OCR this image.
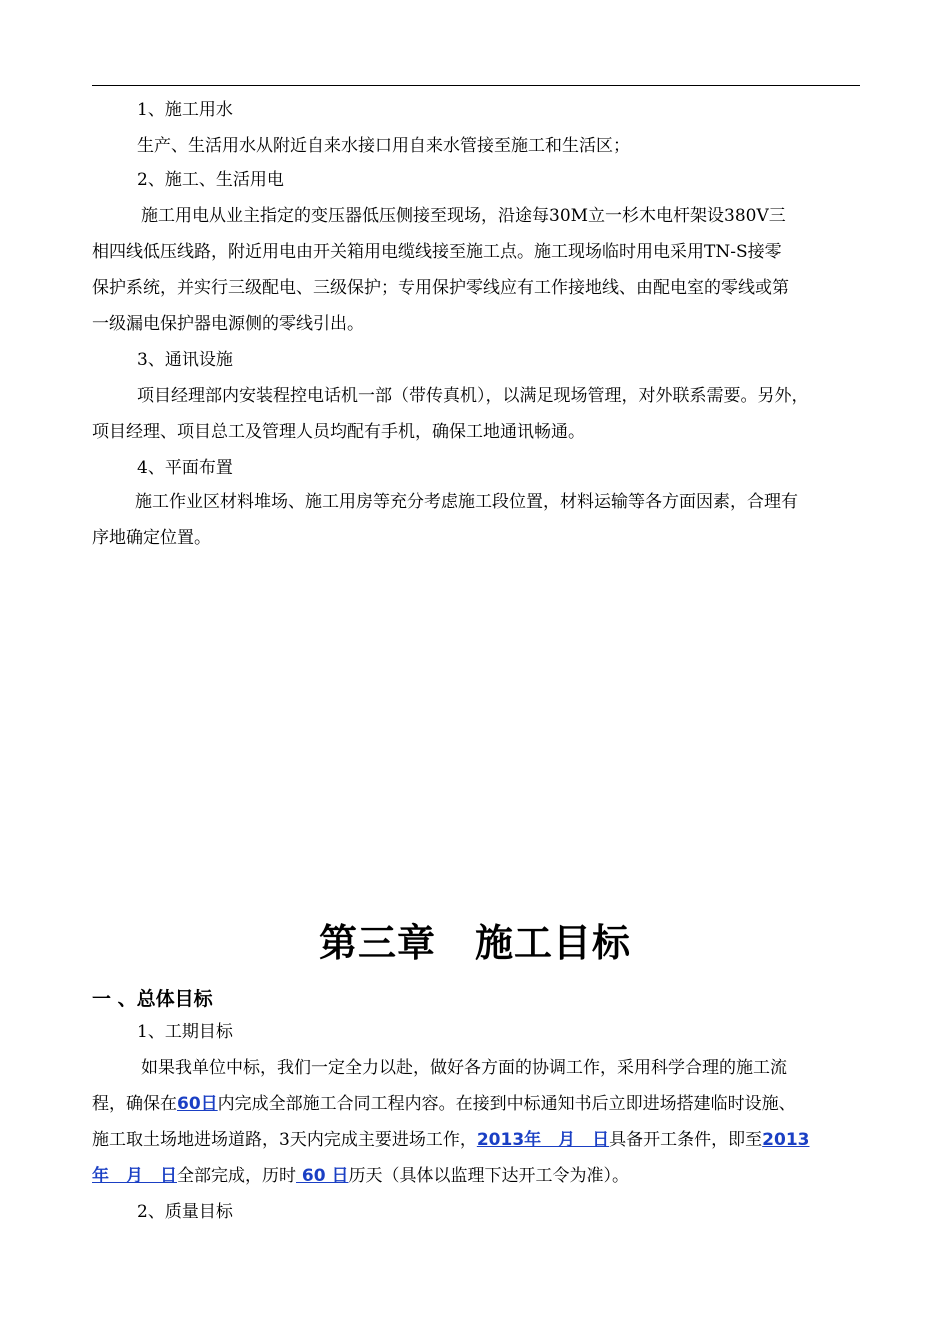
1、施工用水
生产、生活用水从附近自来水接口用自来水管接至施工和生活区；
2、施工、生活用电
施工用电从业主指定的变压器低压侧接至现场，沿途每30M立一杉木电杆架设380V三
相四线低压线路，附近用电由开关箱用电缆线接至施工点。施工现场临时用电采用TN-S接零
保护系统，并实行三级配电、三级保护；专用保护零线应有工作接地线、由配电室的零线或第
一级漏电保护器电源侧的零线引出。
3、通讯设施
项目经理部内安装程控电话机一部（带传真机），以满足现场管理，对外联系需要。另外，
项目经理、项目总工及管理人员均配有手机，确保工地通讯畅通。
4、平面布置
施工作业区材料堆场、施工用房等充分考虑施工段位置，材料运输等各方面因素，合理有
序地确定位置。
第三章　施工目标
一 、总体目标
1、工期目标
如果我单位中标，我们一定全力以赴，做好各方面的协调工作，采用科学合理的施工流
程，确保在60日内完成全部施工合同工程内容。在接到中标通知书后立即进场搭建临时设施、
施工取土场地进场道路，3天内完成主要进场工作，2013年　月　日具备开工条件，即至2013
年　月　日全部完成，历时 60 日历天（具体以监理下达开工令为准）。
2、质量目标
